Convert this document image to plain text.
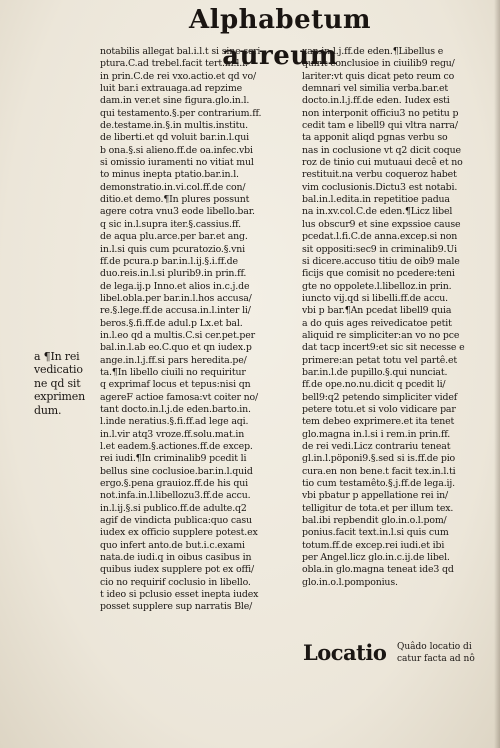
Alphabetum aureum
notabilis allegat bal.i.l.t si sine scri
ptura.C.ad trebel.facit tert.in.l.f.
in prin.C.de rei vxo.actio.et qd vo/
luit bar.i extrauaga.ad repzime
dam.in ver.et sine figura.glo.in.l.
qui testamento.§.per contrarium.ff.
de.testame.in.§.in multis.institu.
de liberti.et qd voluit bar.in.l.qui
b ona.§.si alieno.ff.de oa.infec.vbi
si omissio iuramenti no vitiat mul
to minus inepta ptatio.bar.in.l.
demonstratio.in.vi.col.ff.de con/
ditio.et demo.¶In plures possunt
agere cotra vnu3 eode libello.bar.
q sic in.l.supra iter.§.cassius.ff.
de aqua plu.arce.per bar.et ang.
in.l.si quis cum pcuratozio.§.vni
ff.de pcura.p bar.in.l.ij.§.i.ff.de
duo.reis.in.l.si plurib9.in prin.ff.
de lega.ij.p Inno.et alios in.c.j.de
libel.obla.per bar.in.l.hos accusa/
re.§.lege.ff.de accusa.in.l.inter li/
beros.§.fi.ff.de adul.p Lx.et bal.
in.l.eo qd a multis.C.si cer.pet.per
bal.in.l.ab eo.C.quo et qn iudex.p
ange.in.l.j.ff.si pars heredita.pe/
ta.¶In libello ciuili no requiritur
q exprimaf locus et tepus:nisi qn
agereF actioe famosa:vt coiter no/
tant docto.in.l.j.de eden.barto.in.
l.inde neratius.§.fi.ff.ad lege aqi.
in.l.vir atq3 vroze.ff.solu.mat.in
l.et eadem.§.actiones.ff.de excep.
rei iudi.¶In criminalib9 pcedit li
bellus sine coclusioe.bar.in.l.quid
ergo.§.pena grauioz.ff.de his qui
not.infa.in.l.libellozu3.ff.de accu.
in.l.ij.§.si publico.ff.de adulte.q2
agif de vindicta publica:quo casu
iudex ex officio supplere potest.ex
quo infert anto.de but.i.c.exami
nata.de iudi.q in oibus casibus in
quibus iudex supplere pot ex offi/
cio no requirif coclusio in libello.
t ideo si pclusio esset inepta iudex
posset supplere sup narratis Ble/
xan.in.l.j.ff.de eden.¶Libellus e
quirit conclusioe in ciuilib9 regu/
lariter:vt quis dicat peto reum co
demnari vel similia verba.bar.et
docto.in.l.j.ff.de eden. Iudex esti
non interponit officiu3 no petitu p
cedit tam e libell9 qui vltra narra/
ta apponit aliqd pgnas verbu so
nas in coclusione vt q2 dicit coque
roz de tinio cui mutuaui decê et no
restituit.na verbu coqueroz habet
vim coclusionis.Dictu3 est notabi.
bal.in.l.edita.in repetitioe padua
na in.xv.col.C.de eden.¶Licz libel
lus obscur9 et sine expssioe cause
pcedat.l.fi.C.de anna.excep.si non
sit oppositi:sec9 in criminalib9.Ui
si dicere.accuso titiu de oib9 male
ficijs que comisit no pcedere:teni
gte no oppolete.l.libelloz.in prin.
iuncto vij.qd si libelli.ff.de accu.
vbi p bar.¶An pcedat libell9 quia
a do quis ages reivedicatoe petit
aliquid re simpliciter:an vo no pce
dat tacp incert9:et sic sit necesse e
primere:an petat totu vel partê.et
bar.in.l.de pupillo.§.qui nunciat.
ff.de ope.no.nu.dicit q pcedit li/
bell9:q2 petendo simpliciter videf
petere totu.et si volo vidicare par
tem debeo exprimere.et ita tenet
glo.magna in.l.si i rem.in prin.ff.
de rei vedi.Licz contrariu teneat
gl.in.l.pöponi9.§.sed si is.ff.de pio
cura.en non bene.t facit tex.in.l.ti
tio cum testamêto.§.j.ff.de lega.ij.
vbi pbatur p appellatione rei in/
telligitur de tota.et per illum tex.
bal.ibi repbendit glo.in.o.l.pom/
ponius.facit text.in.l.si quis cum
totum.ff.de excep.rei iudi.et ibi
per Angel.licz glo.in.c.ij.de libel.
obla.in glo.magna teneat ide3 qd
glo.in.o.l.pomponius.
a ¶In rei
vedicatio
ne qd sit
exprimen
dum.
Locatio Quâdo locatio di
catur facta ad nô
